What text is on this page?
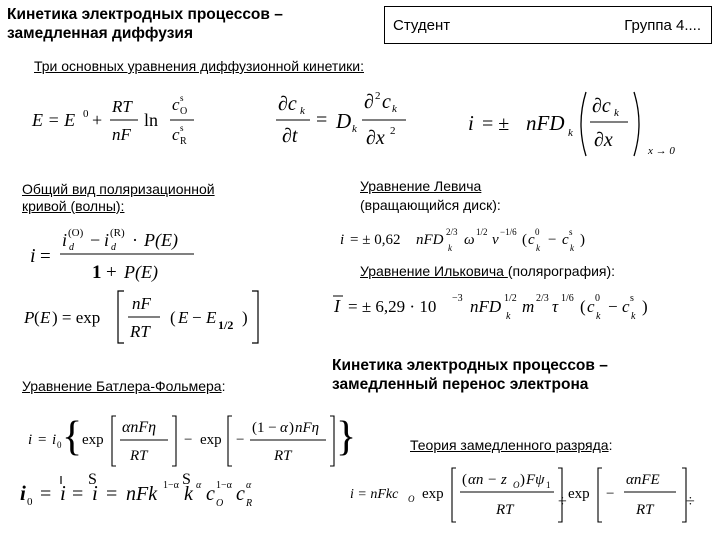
Кинетика электродных процессов –
замедленная диффузия	Студент	Группа 4....
Три основных уравнения диффузионной кинетики:
E = E 0 +
RT
nF
ln
c s
O
c s
R
∂c k
∂t
= D k
∂ 2 c k
∂x 2	i = ± nFD k
∂c k
∂x	x → 0
Общий вид поляризационной
кривой (волны):
i =
i (O)
d − i (R)
d · P(E)
1 + P(E)
P ( E ) = exp
nF
RT
( E − E 1/2 )
Уравнение Левича
(вращающийся диск):
i = ± 0,62 nFD 2/3
k ω 1/2 ν −1/6 ( c 0
k − c s
k )
Уравнение Ильковича (полярография):
I = ± 6,29 · 10 −3 nFD 1/2
k
m 2/3 τ 1/6 ( c 0
k
− c s
k
)
Кинетика электродных процессов –
замедленный перенос электрона
Уравнение Батлера-Фольмера:
i = i 0 { exp
αnFη
RT
− exp −
(1 − α ) nFη
RT }
i 0 = i = i
S
= nFk 1−α k
S α c 1−α
O c α
R
Теория замедленного разряда:
i = nFkc O exp
( αn − z O ) Fψ 1
RT	÷ exp −
αnFE
RT ÷
